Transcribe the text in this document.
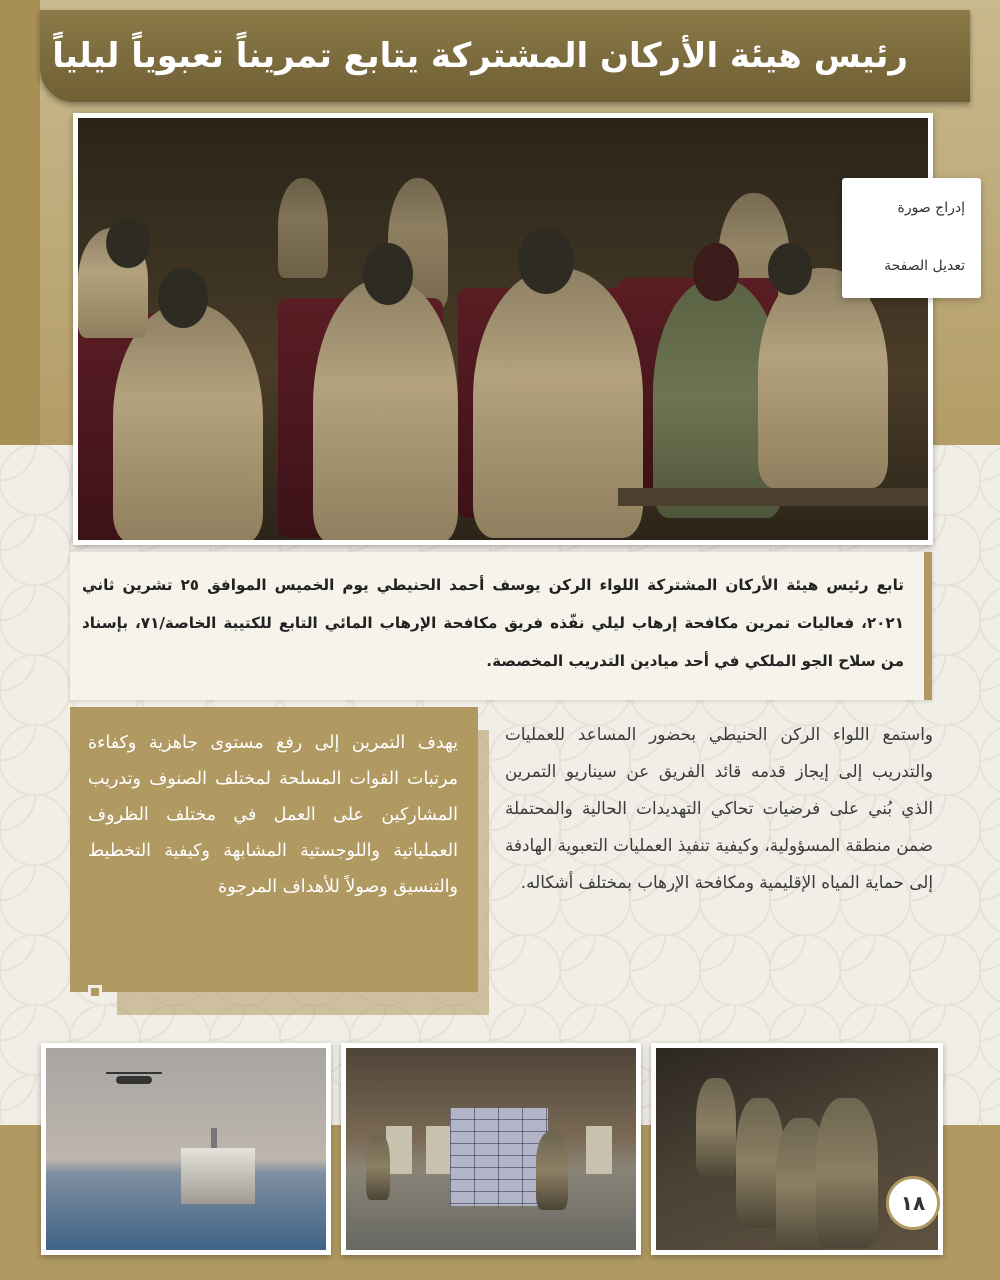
رئيس هيئة الأركان المشتركة يتابع تمريناً تعبوياً ليلياً
إدراج صورة
تعديل الصفحة

تابع رئيس هيئة الأركان المشتركة اللواء الركن يوسف أحمد الحنيطي يوم الخميس الموافق ٢٥ تشرين ثاني ٢٠٢١، فعاليات تمرين مكافحة إرهاب ليلي نفّذه فريق مكافحة الإرهاب المائي التابع للكتيبة الخاصة/٧١، بإسناد من سلاح الجو الملكي في أحد ميادين التدريب المخصصة.

يهدف التمرين إلى رفع مستوى جاهزية وكفاءة مرتبات القوات المسلحة لمختلف الصنوف وتدريب المشاركين على العمل في مختلف الظروف العملياتية واللوجستية المشابهة وكيفية التخطيط والتنسيق وصولاً للأهداف المرجوة

واستمع اللواء الركن الحنيطي بحضور المساعد للعمليات والتدريب إلى إيجاز قدمه قائد الفريق عن سيناريو التمرين الذي بُني على فرضيات تحاكي التهديدات الحالية والمحتملة ضمن منطقة المسؤولية، وكيفية تنفيذ العمليات التعبوية الهادفة إلى حماية المياه الإقليمية ومكافحة الإرهاب بمختلف أشكاله.

١٨
